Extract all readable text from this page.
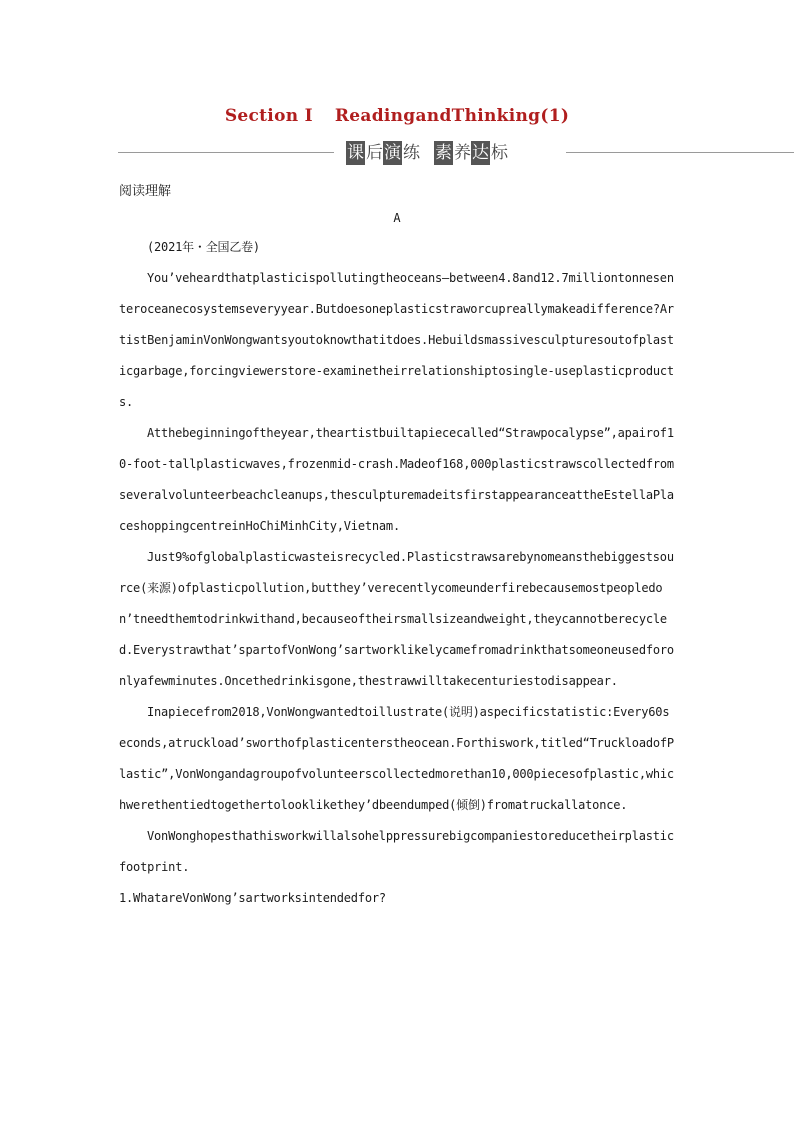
Section I ReadingandThinking(1)
课 后演 练 素 养达 标
阅读理解
A

(2021年・全国乙卷)

You’veheardthatplasticispollutingtheoceans—between4.8and12.7milliontonnesenteroceanecosystemseveryyear.Butdoesoneplasticstraworcupreallymakeadifference?ArtistBenjaminVonWongwantsyoutoknowthatitdoes.Hebuildsmassivesculpturesoutofplasticgarbage,forcingviewerstore-examinetheirrelationshiptosingle-useplasticproducts.

Atthebeginningoftheyear,theartistbuiltapiececalled“Strawpocalypse”,apairof10-foot-tallplasticwaves,frozenmid-crash.Madeof168,000plasticstrawscollectedfromseveralvolunteerbeachcleanups,thesculpturemadeitsfirstappearanceattheEstellaPlaceshoppingcentreinHoChiMinhCity,Vietnam.

Just9%ofglobalplasticwasteisrecycled.Plasticstrawsarebynomeansthebiggestsource(来源)ofplasticpollution,butthey’verecentlycomeunderfirebecausemostpeopledon’tneedthemtodrinkwithand,becauseoftheirsmallsizeandweight,theycannotberecycled.Everystrawthat’spartofVonWong’sartworklikelycamefromadrinkthatsomeoneusedforonlyafewminutes.Oncethedrinkisgone,thestrawwilltakecenturiestodisappear.

Inapiecefrom2018,VonWongwantedtoillustrate(说明)aspecificstatistic:Every60seconds,atruckload’sworthofplasticenterstheocean.Forthiswork,titled“TruckloadofPlastic”,VonWongandagroupofvolunteerscollectedmorethan10,000piecesofplastic,whichwerethentiedtogethertolooklikethey’dbeendumped(倾倒)fromatruckallatonce.

VonWonghopesthathisworkwillalsohelppressurebigcompaniestoreducetheirplasticfootprint.

1.WhatareVonWong’sartworksintendedfor?
